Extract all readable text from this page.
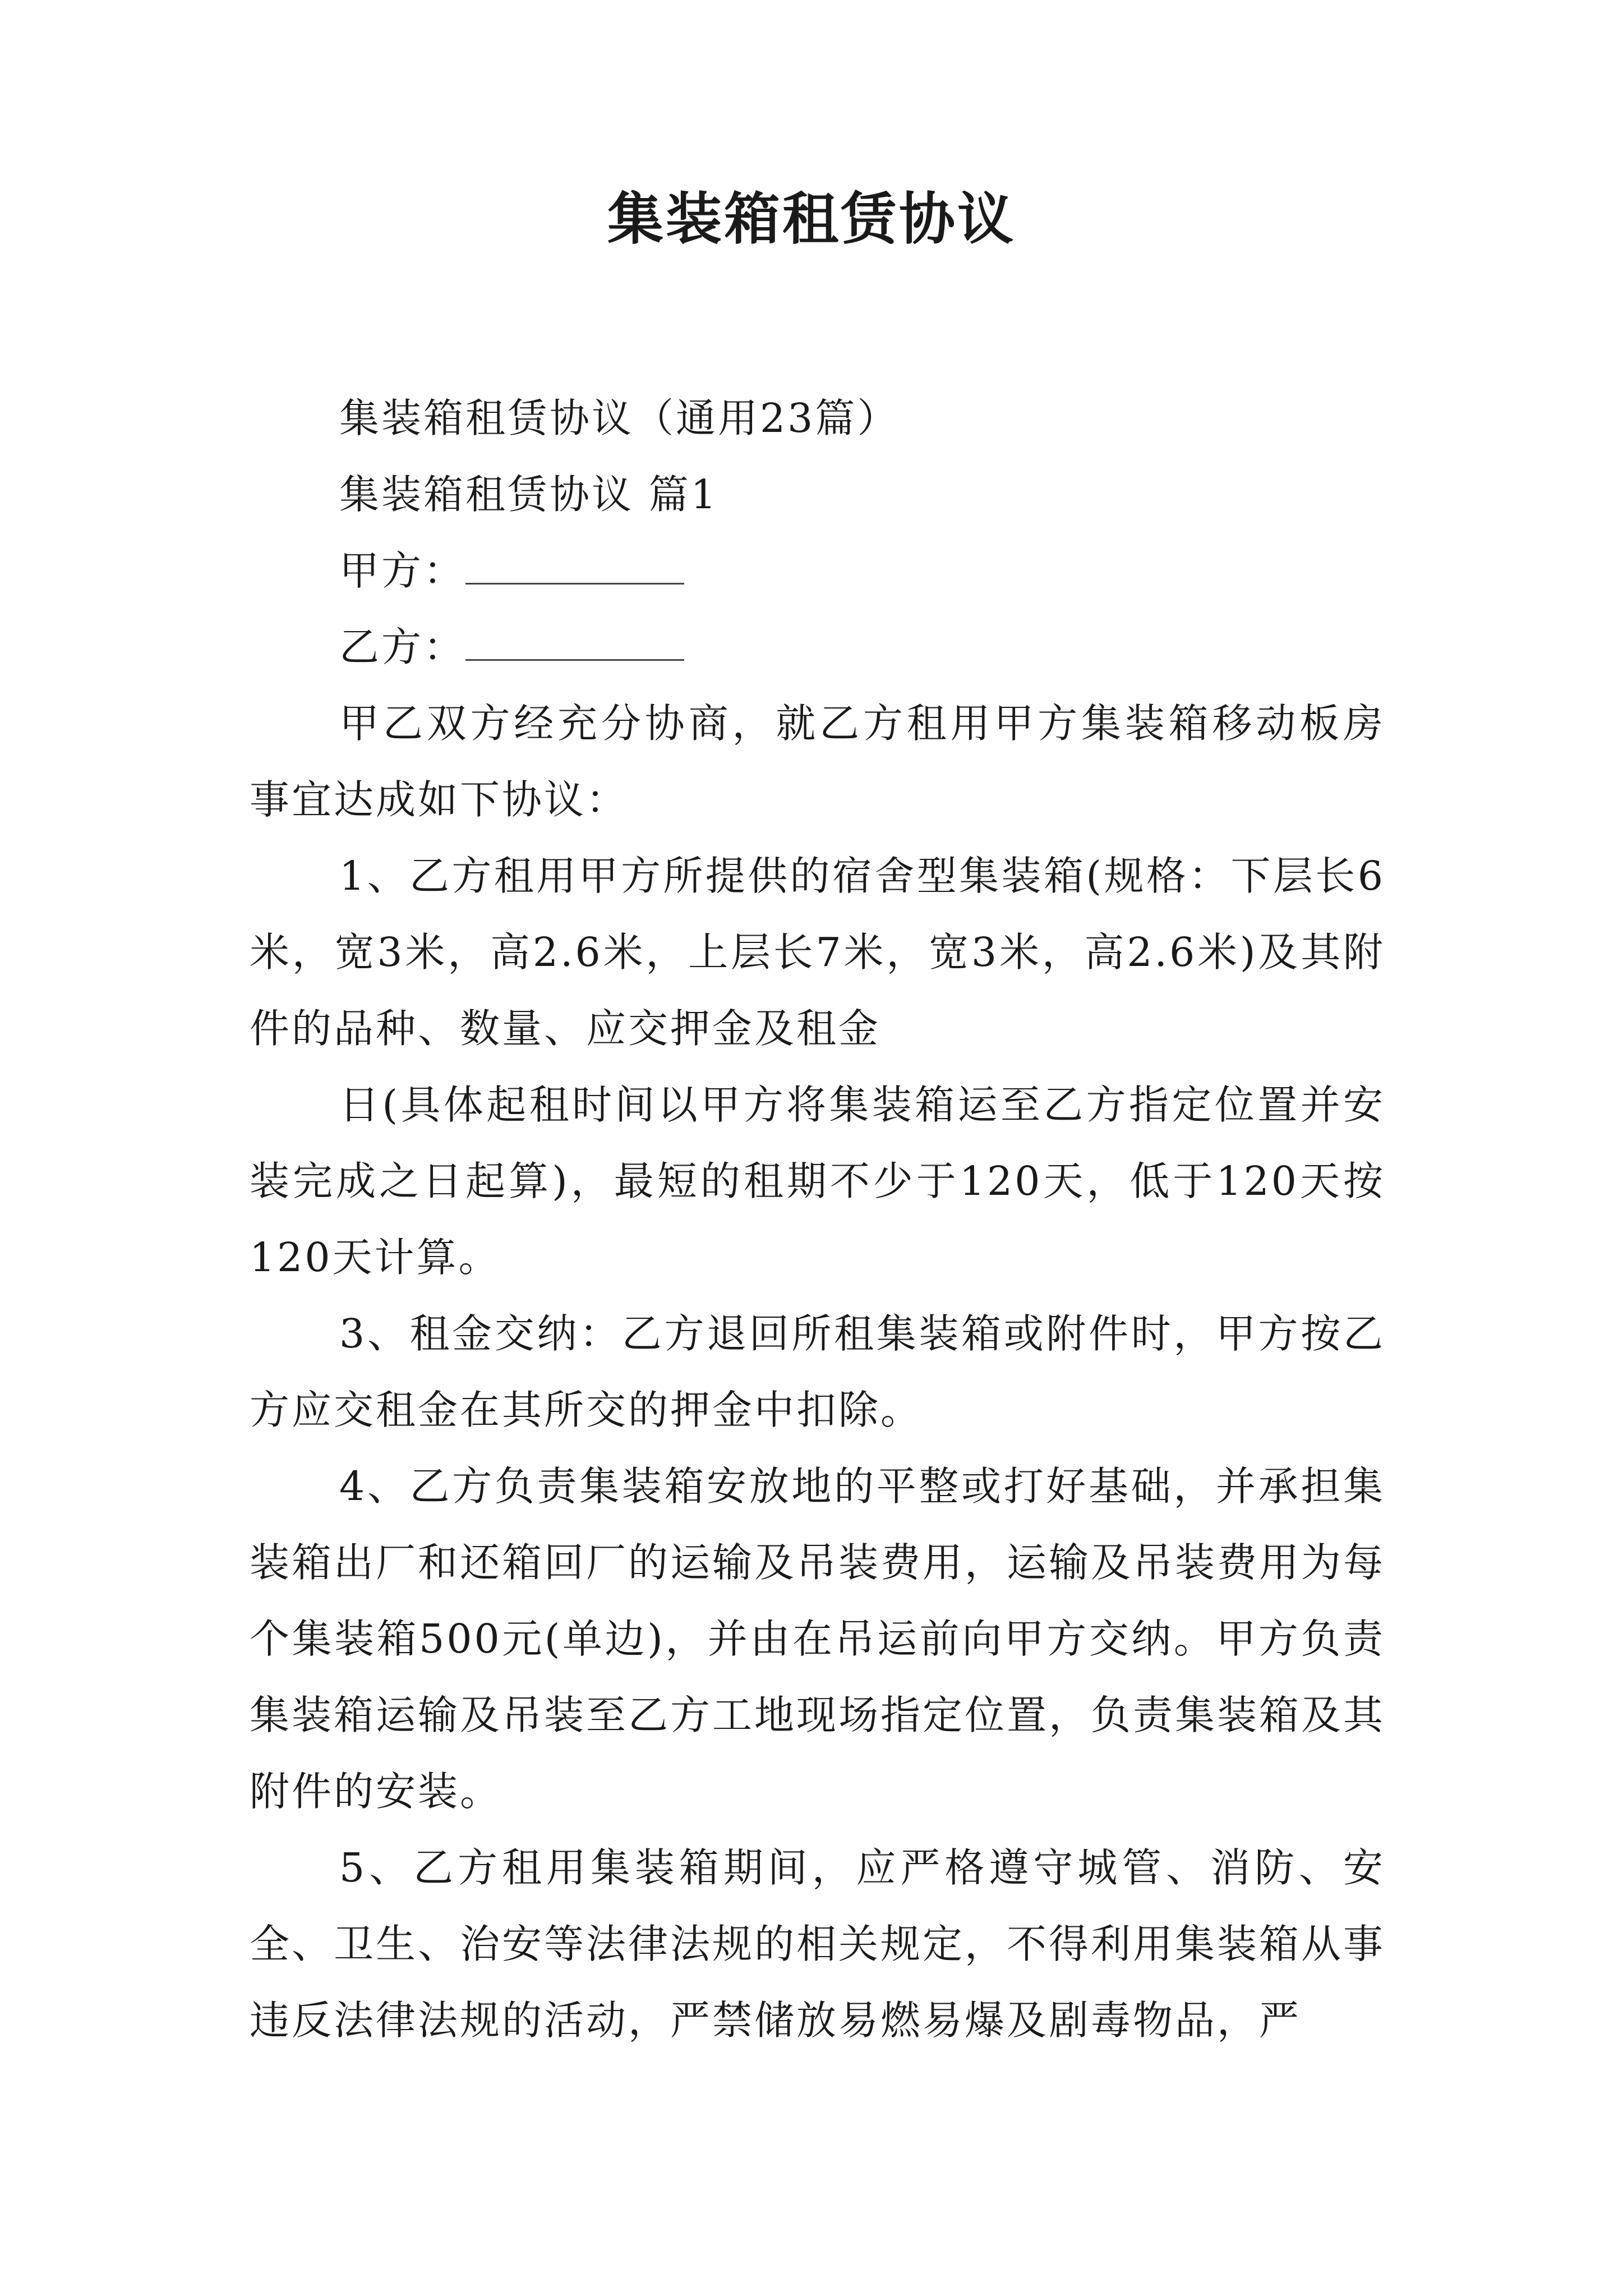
集装箱租赁协议

集装箱租赁协议（通用23篇）

集装箱租赁协议 篇1

甲方：

乙方：

甲乙双方经充分协商，就乙方租用甲方集装箱移动板房事宜达成如下协议：

1、乙方租用甲方所提供的宿舍型集装箱(规格：下层长6米，宽3米，高2.6米，上层长7米，宽3米，高2.6米)及其附件的品种、数量、应交押金及租金

日(具体起租时间以甲方将集装箱运至乙方指定位置并安装完成之日起算)，最短的租期不少于120天，低于120天按120天计算。

3、租金交纳：乙方退回所租集装箱或附件时，甲方按乙方应交租金在其所交的押金中扣除。

4、乙方负责集装箱安放地的平整或打好基础，并承担集装箱出厂和还箱回厂的运输及吊装费用，运输及吊装费用为每个集装箱500元(单边)，并由在吊运前向甲方交纳。甲方负责集装箱运输及吊装至乙方工地现场指定位置，负责集装箱及其附件的安装。

5、乙方租用集装箱期间，应严格遵守城管、消防、安全、卫生、治安等法律法规的相关规定，不得利用集装箱从事违反法律法规的活动，严禁储放易燃易爆及剧毒物品，严
